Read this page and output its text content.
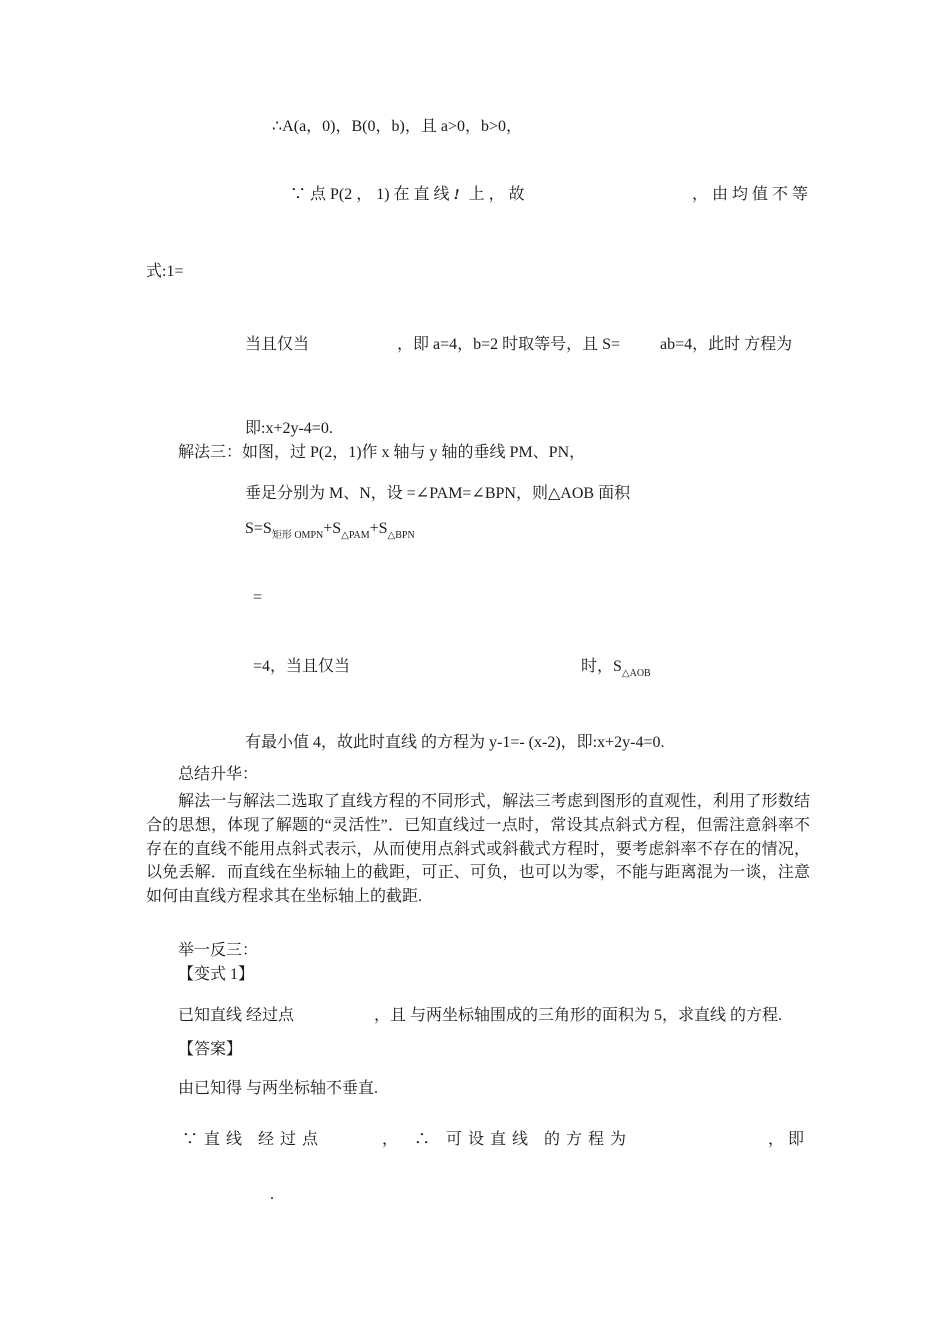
∴A(a，0)，B(0，b)，且 a>0，b>0，
∵ 点 P(2 ， 1) 在 直 线 ! 上 ， 故	， 由 均 值 不 等
式:1=
当且仅当	，即 a=4，b=2 时取等号，且 S= ab=4，此时 方程为
即:x+2y-4=0.
解法三：如图，过 P(2，1)作 x 轴与 y 轴的垂线 PM、PN，
垂足分别为 M、N，设 =∠PAM=∠BPN，则△AOB 面积
$S=S_{矩形 OMPN}+S_{\triangle PAM}+S_{\triangle BPN}$
=
=4，当且仅当	时，$S_{\triangle AOB}$
有最小值 4，故此时直线 的方程为 y-1=- (x-2)，即:x+2y-4=0.
总结升华：

解法一与解法二选取了直线方程的不同形式，解法三考虑到图形的直观性，利用了形数结合的思想，体现了解题的“灵活性”．已知直线过一点时，常设其点斜式方程，但需注意斜率不存在的直线不能用点斜式表示，从而使用点斜式或斜截式方程时，要考虑斜率不存在的情况，以免丢解．而直线在坐标轴上的截距，可正、可负，也可以为零，不能与距离混为一谈，注意如何由直线方程求其在坐标轴上的截距.

举一反三：
【变式 1】
已知直线 经过点	，且 与两坐标轴围成的三角形的面积为 5，求直线 的方程.
【答案】
由已知得 与两坐标轴不垂直.
∵直线 经过点	， ∴ 可设直线 的方程为	，即
.
